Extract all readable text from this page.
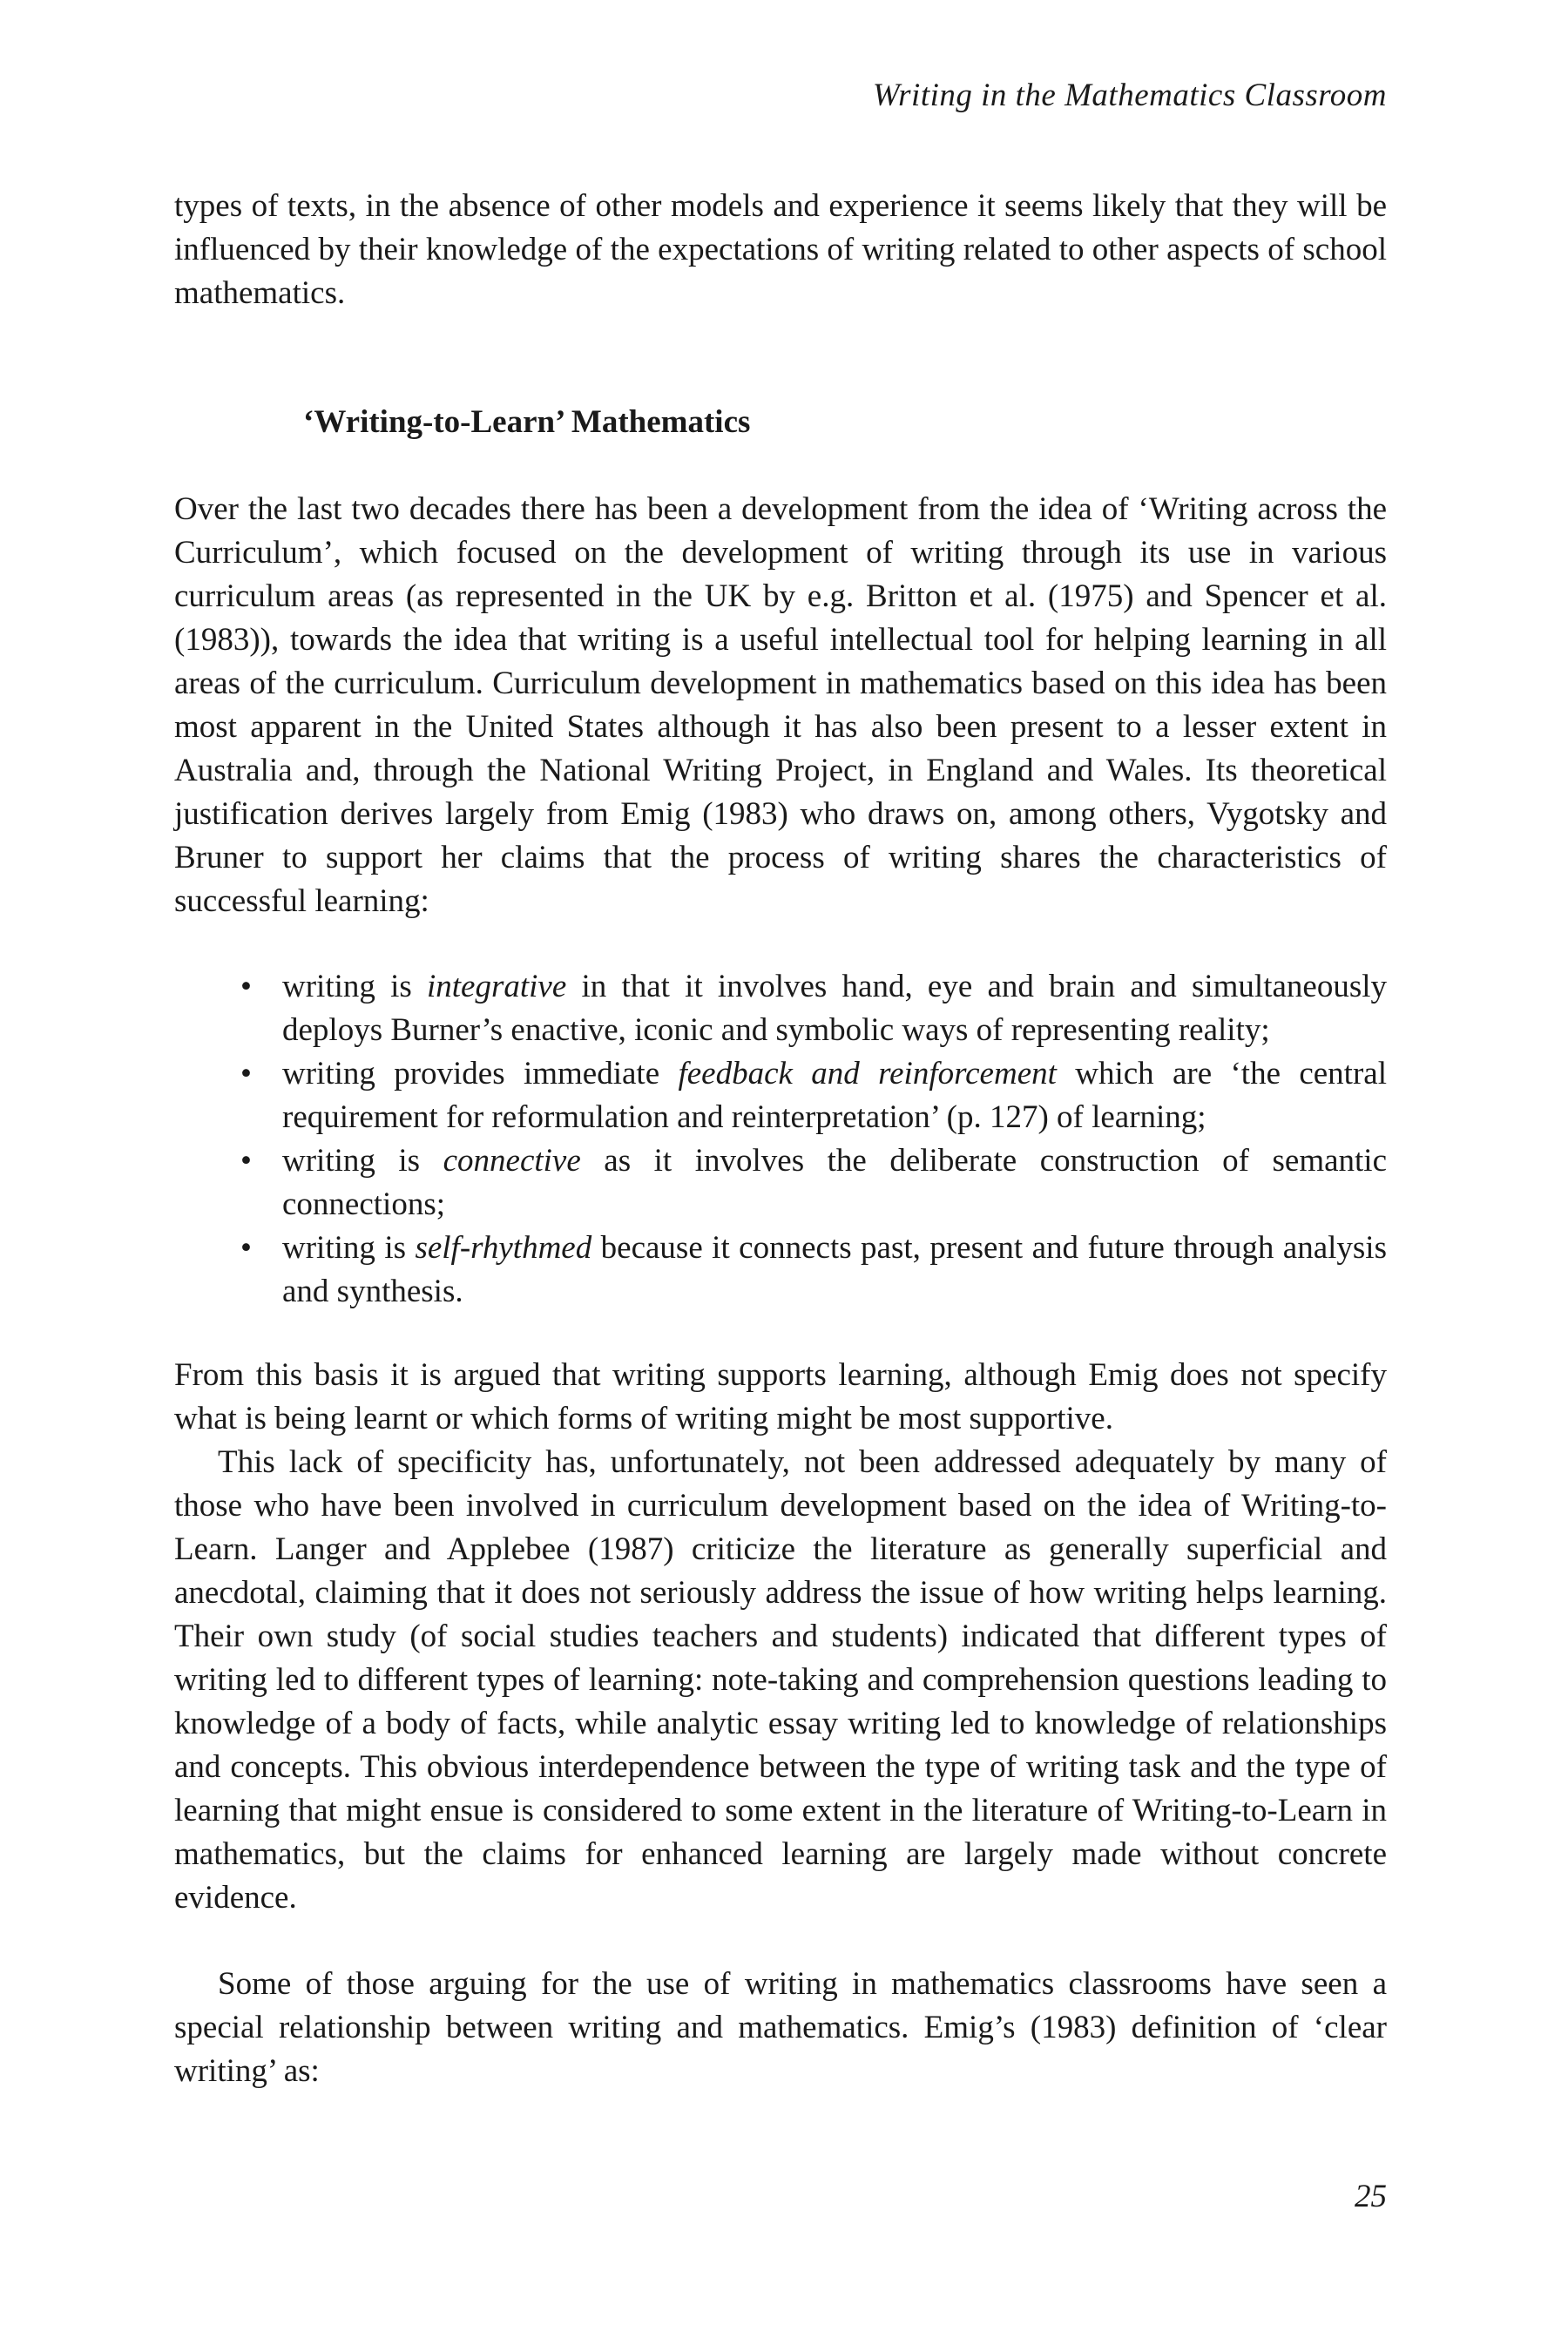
Writing in the Mathematics Classroom

types of texts, in the absence of other models and experience it seems likely that they will be influenced by their knowledge of the expectations of writing related to other aspects of school mathematics.

‘Writing-to-Learn’ Mathematics

Over the last two decades there has been a development from the idea of ‘Writing across the Curriculum’, which focused on the development of writing through its use in various curriculum areas (as represented in the UK by e.g. Britton et al. (1975) and Spencer et al. (1983)), towards the idea that writing is a useful intellectual tool for helping learning in all areas of the curriculum. Curriculum development in mathematics based on this idea has been most apparent in the United States although it has also been present to a lesser extent in Australia and, through the National Writing Project, in England and Wales. Its theoretical justification derives largely from Emig (1983) who draws on, among others, Vygotsky and Bruner to support her claims that the process of writing shares the characteristics of successful learning:

• writing is integrative in that it involves hand, eye and brain and simultaneously deploys Burner’s enactive, iconic and symbolic ways of representing reality;
• writing provides immediate feedback and reinforcement which are ‘the central requirement for reformulation and reinterpretation’ (p. 127) of learning;
• writing is connective as it involves the deliberate construction of semantic connections;
• writing is self-rhythmed because it connects past, present and future through analysis and synthesis.

From this basis it is argued that writing supports learning, although Emig does not specify what is being learnt or which forms of writing might be most supportive.

This lack of specificity has, unfortunately, not been addressed adequately by many of those who have been involved in curriculum development based on the idea of Writing-to-Learn. Langer and Applebee (1987) criticize the literature as generally superficial and anecdotal, claiming that it does not seriously address the issue of how writing helps learning. Their own study (of social studies teachers and students) indicated that different types of writing led to different types of learning: note-taking and comprehension questions leading to knowledge of a body of facts, while analytic essay writing led to knowledge of relationships and concepts. This obvious interdependence between the type of writing task and the type of learning that might ensue is considered to some extent in the literature of Writing-to-Learn in mathematics, but the claims for enhanced learning are largely made without concrete evidence.

Some of those arguing for the use of writing in mathematics classrooms have seen a special relationship between writing and mathematics. Emig’s (1983) definition of ‘clear writing’ as:

25
